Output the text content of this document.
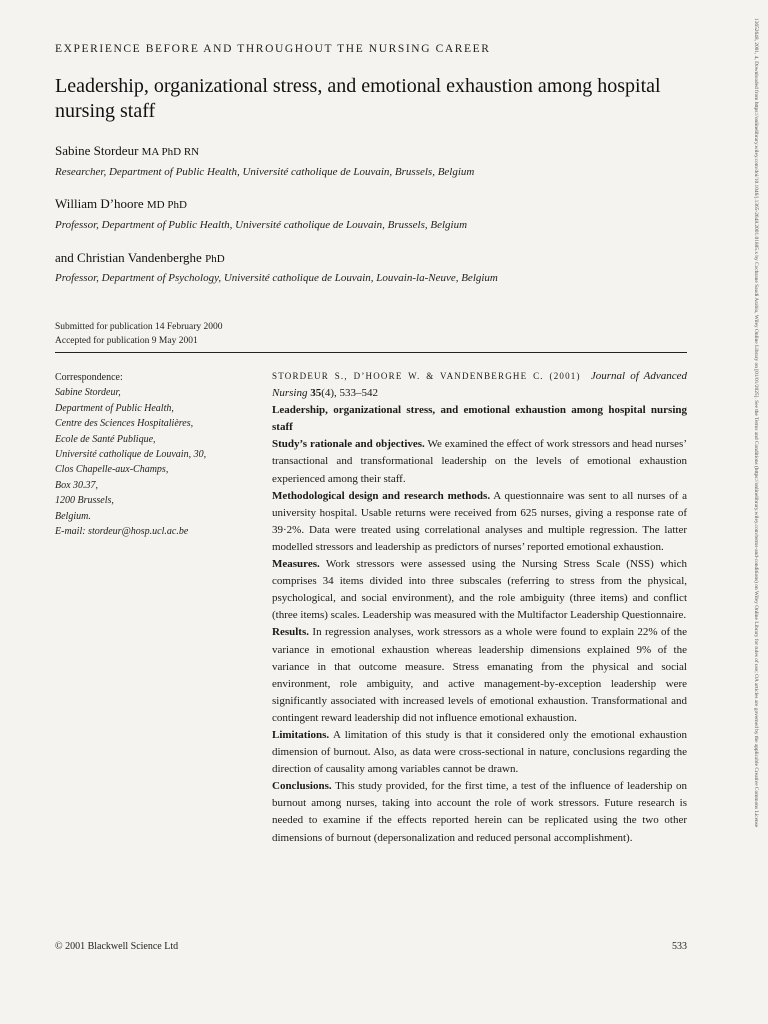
EXPERIENCE BEFORE AND THROUGHOUT THE NURSING CAREER
Leadership, organizational stress, and emotional exhaustion among hospital nursing staff
Sabine Stordeur MA PhD RN
Researcher, Department of Public Health, Université catholique de Louvain, Brussels, Belgium
William D’hoore MD PhD
Professor, Department of Public Health, Université catholique de Louvain, Brussels, Belgium
and Christian Vandenberghe PhD
Professor, Department of Psychology, Université catholique de Louvain, Louvain-la-Neuve, Belgium
Submitted for publication 14 February 2000
Accepted for publication 9 May 2001
Correspondence:
Sabine Stordeur,
Department of Public Health,
Centre des Sciences Hospitalières,
Ecole de Santé Publique,
Université catholique de Louvain, 30,
Clos Chapelle-aux-Champs,
Box 30.37,
1200 Brussels,
Belgium.
E-mail: stordeur@hosp.ucl.ac.be

STORDEUR S., D’HOORE W. & VANDENBERGHE C. (2001) Journal of Advanced Nursing 35(4), 533–542

Leadership, organizational stress, and emotional exhaustion among hospital nursing staff

Study’s rationale and objectives. We examined the effect of work stressors and head nurses’ transactional and transformational leadership on the levels of emotional exhaustion experienced among their staff.

Methodological design and research methods. A questionnaire was sent to all nurses of a university hospital. Usable returns were received from 625 nurses, giving a response rate of 39·2%. Data were treated using correlational analyses and multiple regression. The latter modelled stressors and leadership as predictors of nurses’ reported emotional exhaustion.

Measures. Work stressors were assessed using the Nursing Stress Scale (NSS) which comprises 34 items divided into three subscales (referring to stress from the physical, psychological, and social environment), and the role ambiguity (three items) and conflict (three items) scales. Leadership was measured with the Multifactor Leadership Questionnaire.

Results. In regression analyses, work stressors as a whole were found to explain 22% of the variance in emotional exhaustion whereas leadership dimensions explained 9% of the variance in that outcome measure. Stress emanating from the physical and social environment, role ambiguity, and active management-by-exception leadership were significantly associated with increased levels of emotional exhaustion. Transformational and contingent reward leadership did not influence emotional exhaustion.

Limitations. A limitation of this study is that it considered only the emotional exhaustion dimension of burnout. Also, as data were cross-sectional in nature, conclusions regarding the direction of causality among variables cannot be drawn.

Conclusions. This study provided, for the first time, a test of the influence of leadership on burnout among nurses, taking into account the role of work stressors. Future research is needed to examine if the effects reported herein can be replicated using the two other dimensions of burnout (depersonalization and reduced personal accomplishment).

© 2001 Blackwell Science Ltd	533
13652648, 2001, 4, Downloaded from https://onlinelibrary.wiley.com/doi/10.1046/j.1365-2648.2001.01885.x by Cochrane Saudi Arabia, Wiley Online Library on [01/01/2025]. See the Terms and Conditions (https://onlinelibrary.wiley.com/terms-and-conditions) on Wiley Online Library for rules of use; OA articles are governed by the applicable Creative Commons License
